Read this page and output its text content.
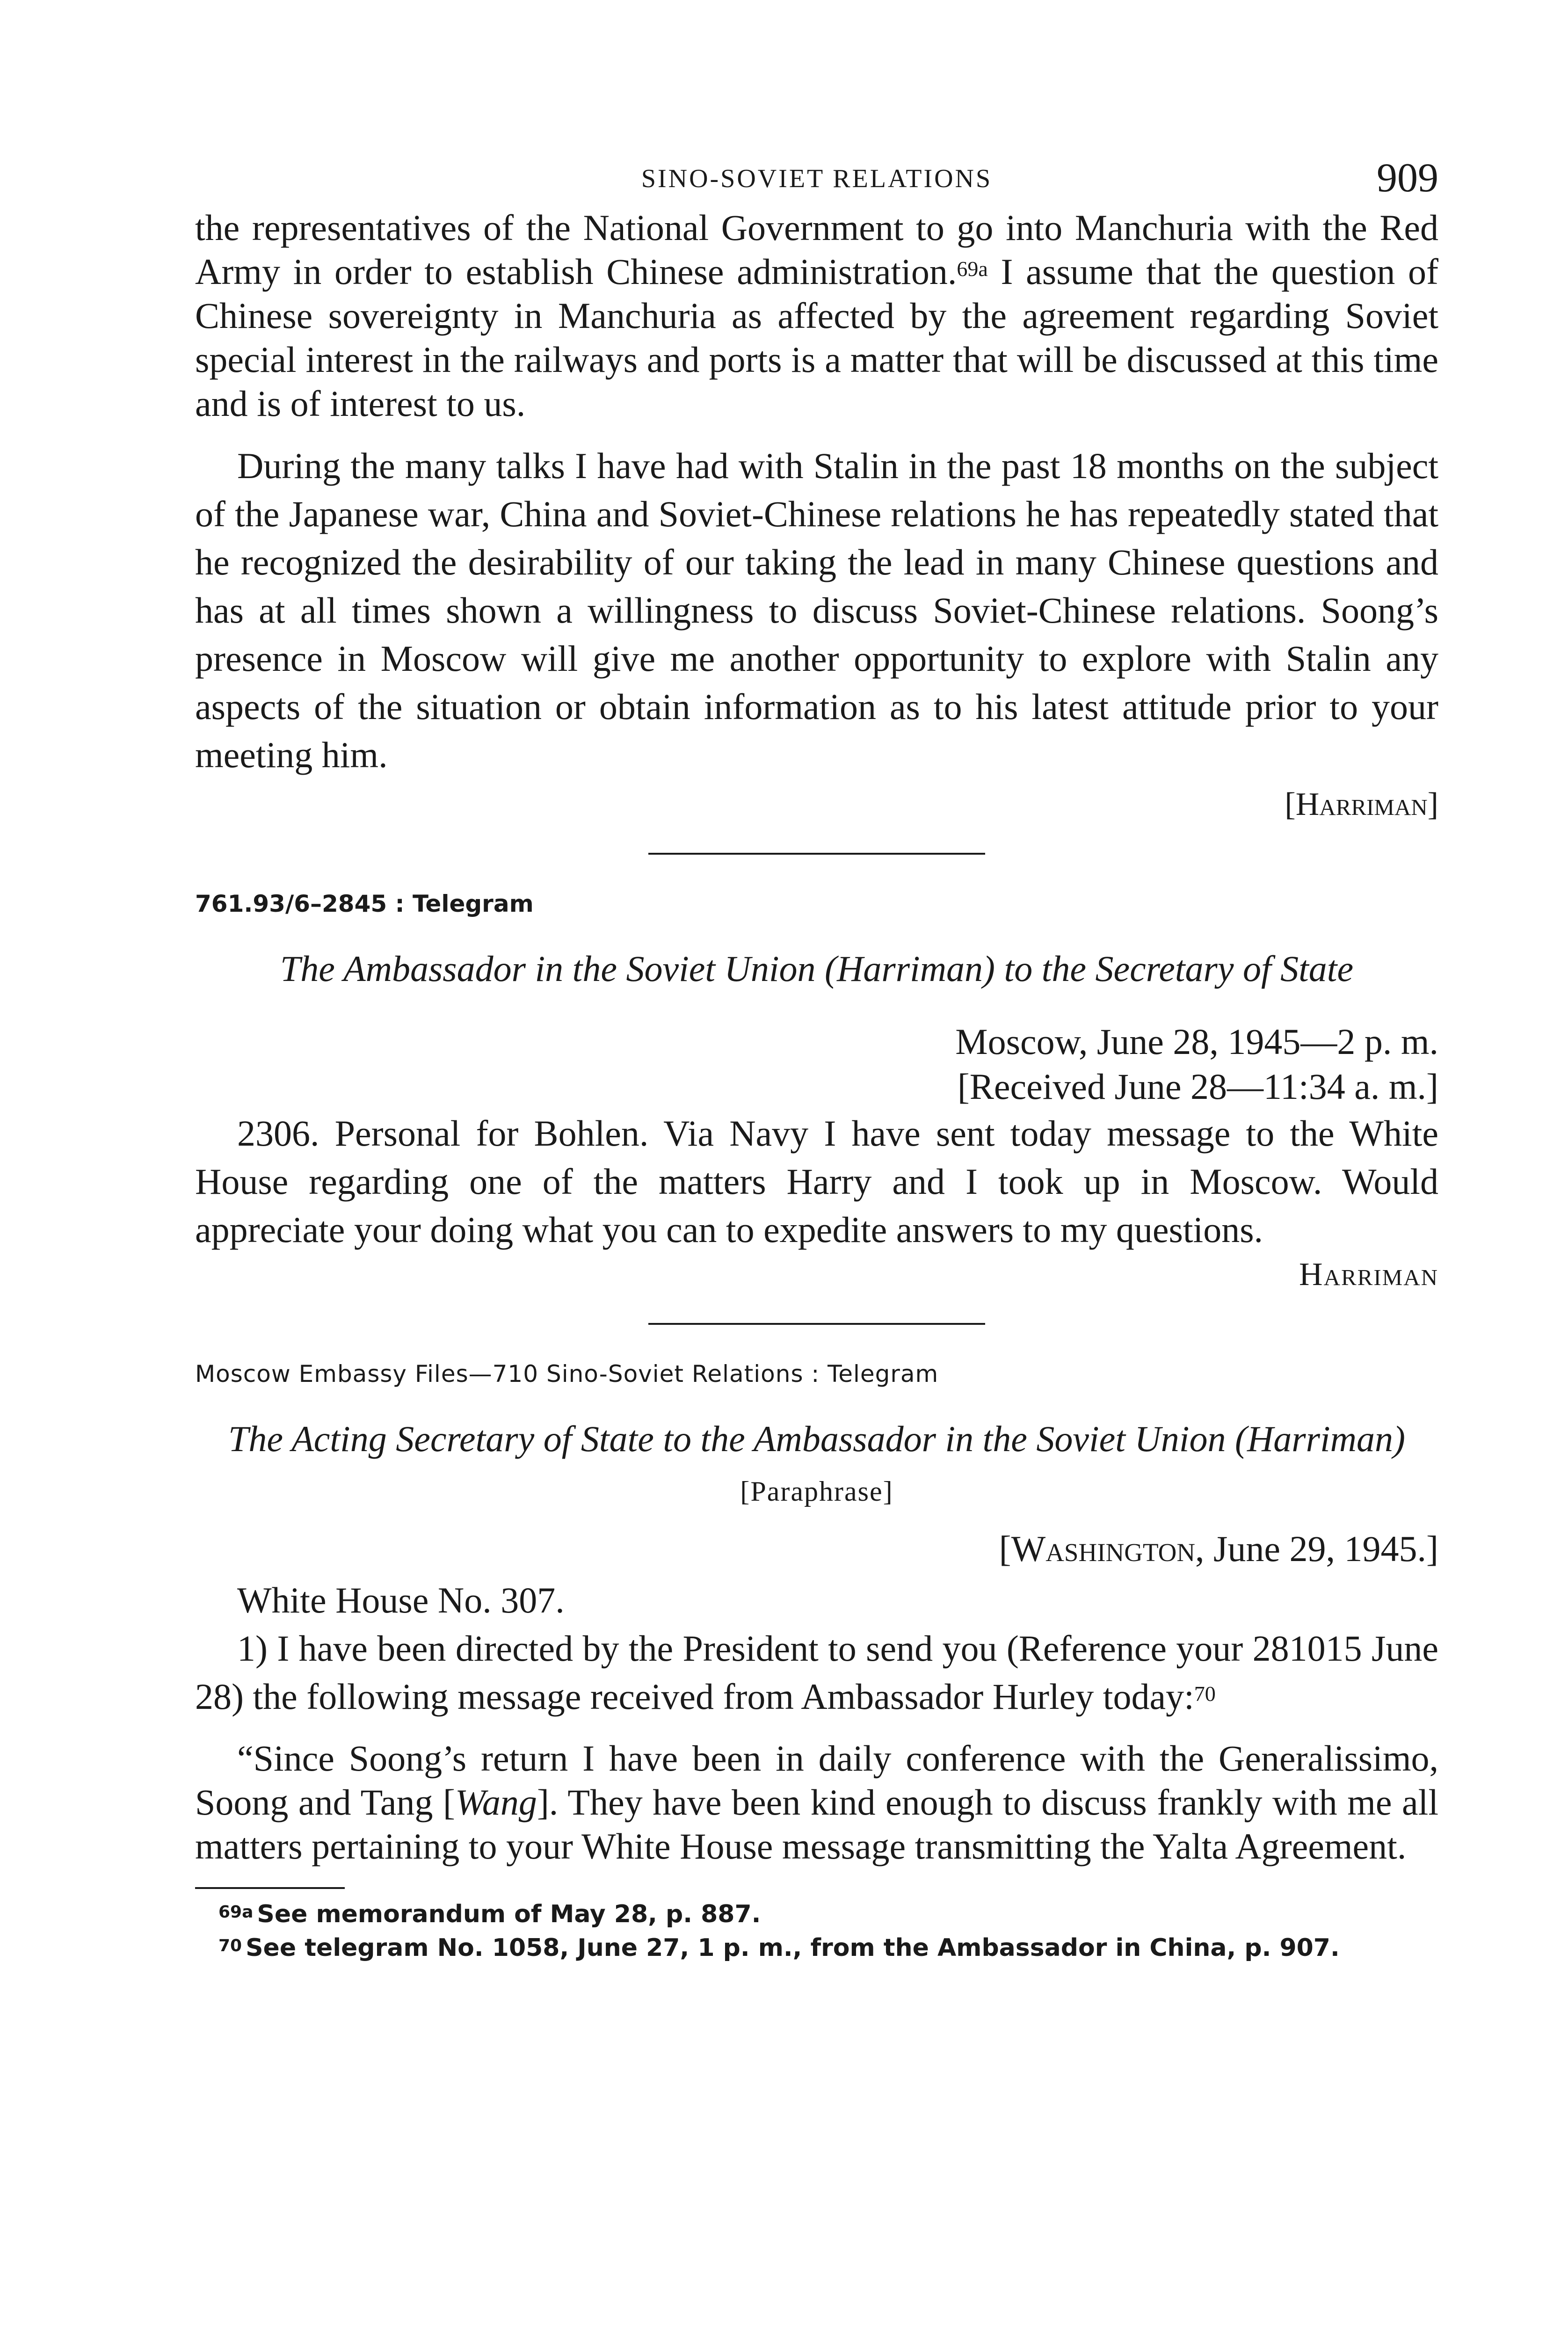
SINO-SOVIET RELATIONS	909

the representatives of the National Government to go into Manchuria with the Red Army in order to establish Chinese administration.$^{69a}$ I assume that the question of Chinese sovereignty in Manchuria as affected by the agreement regarding Soviet special interest in the railways and ports is a matter that will be discussed at this time and is of interest to us.

During the many talks I have had with Stalin in the past 18 months on the subject of the Japanese war, China and Soviet-Chinese relations he has repeatedly stated that he recognized the desirability of our taking the lead in many Chinese questions and has at all times shown a willingness to discuss Soviet-Chinese relations. Soong’s presence in Moscow will give me another opportunity to explore with Stalin any aspects of the situation or obtain information as to his latest attitude prior to your meeting him.

[Harriman]

761.93/6–2845 : Telegram

The Ambassador in the Soviet Union (Harriman) to the Secretary of State

Moscow, June 28, 1945—2 p. m.

[Received June 28—11:34 a. m.]

2306. Personal for Bohlen. Via Navy I have sent today message to the White House regarding one of the matters Harry and I took up in Moscow. Would appreciate your doing what you can to expedite answers to my questions.

Harriman

Moscow Embassy Files—710 Sino-Soviet Relations : Telegram

The Acting Secretary of State to the Ambassador in the Soviet Union (Harriman)
[Paraphrase]

[Washington, June 29, 1945.]

White House No. 307.

1) I have been directed by the President to send you (Reference your 281015 June 28) the following message received from Ambassador Hurley today:$^{70}$

“Since Soong’s return I have been in daily conference with the Generalissimo, Soong and Tang [Wang]. They have been kind enough to discuss frankly with me all matters pertaining to your White House message transmitting the Yalta Agreement.

$^{69a}$ See memorandum of May 28, p. 887.

$^{70}$ See telegram No. 1058, June 27, 1 p. m., from the Ambassador in China, p. 907.
